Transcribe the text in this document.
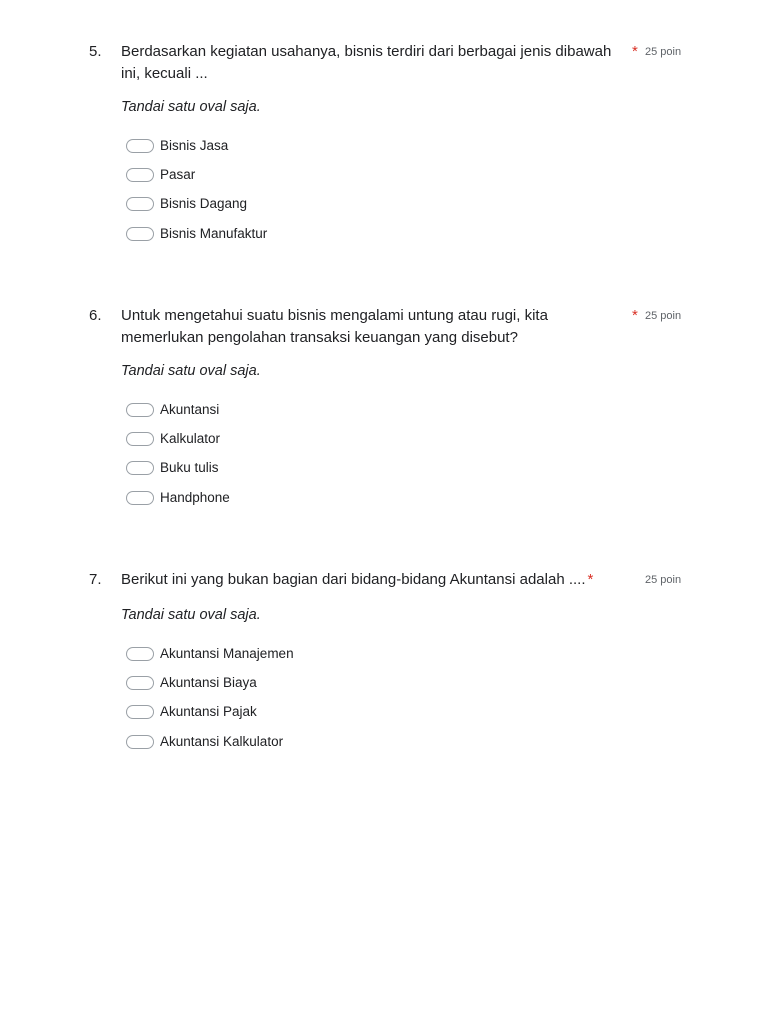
5. Berdasarkan kegiatan usahanya, bisnis terdiri dari berbagai jenis dibawah ini, kecuali ...
* 25 poin
Tandai satu oval saja.
Bisnis Jasa
Pasar
Bisnis Dagang
Bisnis Manufaktur
6. Untuk mengetahui suatu bisnis mengalami untung atau rugi, kita memerlukan pengolahan transaksi keuangan yang disebut?
* 25 poin
Tandai satu oval saja.
Akuntansi
Kalkulator
Buku tulis
Handphone
7. Berikut ini yang bukan bagian dari bidang-bidang Akuntansi adalah .... *	25 poin
Tandai satu oval saja.
Akuntansi Manajemen
Akuntansi Biaya
Akuntansi Pajak
Akuntansi Kalkulator
